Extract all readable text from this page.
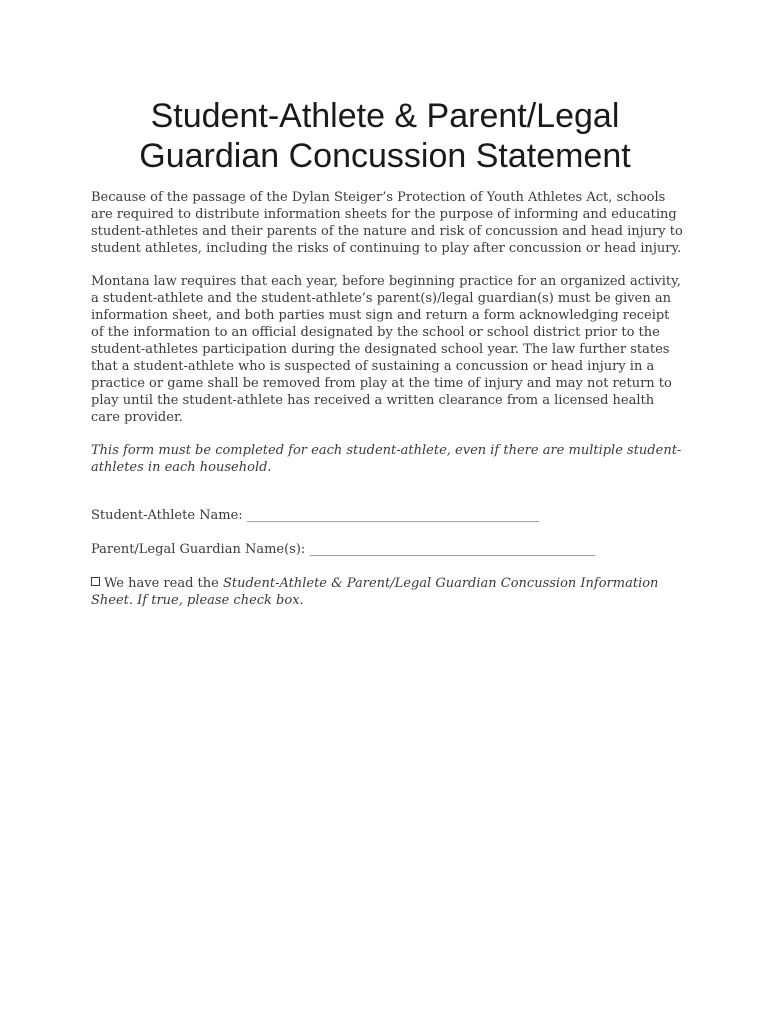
Student-Athlete & Parent/Legal
Guardian Concussion Statement

Because of the passage of the Dylan Steiger’s Protection of Youth Athletes Act, schools are required to distribute information sheets for the purpose of informing and educating student-athletes and their parents of the nature and risk of concussion and head injury to student athletes, including the risks of continuing to play after concussion or head injury.

Montana law requires that each year, before beginning practice for an organized activity, a student-athlete and the student-athlete’s parent(s)/legal guardian(s) must be given an information sheet, and both parties must sign and return a form acknowledging receipt of the information to an official designated by the school or school district prior to the student-athletes participation during the designated school year. The law further states that a student-athlete who is suspected of sustaining a concussion or head injury in a practice or game shall be removed from play at the time of injury and may not return to play until the student-athlete has received a written clearance from a licensed health care provider.

This form must be completed for each student-athlete, even if there are multiple student-athletes in each household.

Student-Athlete Name: _____________________________________________

Parent/Legal Guardian Name(s): ____________________________________________

We have read the Student-Athlete & Parent/Legal Guardian Concussion Information Sheet. If true, please check box.
